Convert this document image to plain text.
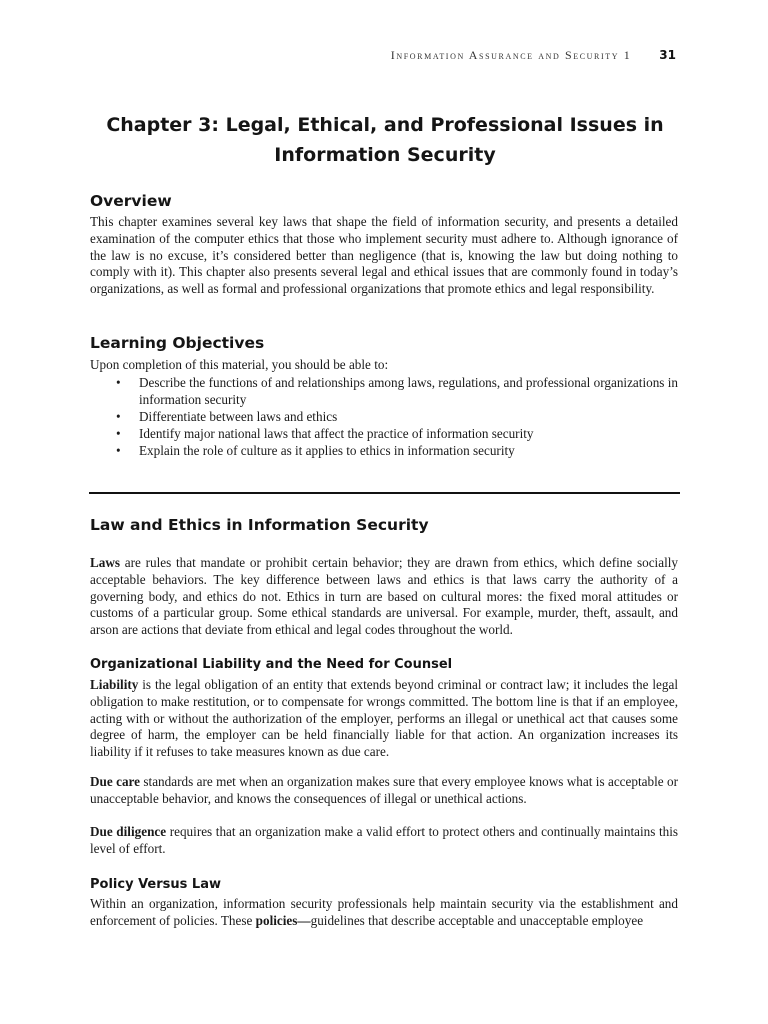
Information Assurance and Security 1 31
Chapter 3: Legal, Ethical, and Professional Issues in Information Security
Overview

This chapter examines several key laws that shape the field of information security, and presents a detailed examination of the computer ethics that those who implement security must adhere to. Although ignorance of the law is no excuse, it’s considered better than negligence (that is, knowing the law but doing nothing to comply with it). This chapter also presents several legal and ethical issues that are commonly found in today’s organizations, as well as formal and professional organizations that promote ethics and legal responsibility.

Learning Objectives

Upon completion of this material, you should be able to:

• Describe the functions of and relationships among laws, regulations, and professional organizations in information security
• Differentiate between laws and ethics
• Identify major national laws that affect the practice of information security
• Explain the role of culture as it applies to ethics in information security
Law and Ethics in Information Security

Laws are rules that mandate or prohibit certain behavior; they are drawn from ethics, which define socially acceptable behaviors. The key difference between laws and ethics is that laws carry the authority of a governing body, and ethics do not. Ethics in turn are based on cultural mores: the fixed moral attitudes or customs of a particular group. Some ethical standards are universal. For example, murder, theft, assault, and arson are actions that deviate from ethical and legal codes throughout the world.

Organizational Liability and the Need for Counsel

Liability is the legal obligation of an entity that extends beyond criminal or contract law; it includes the legal obligation to make restitution, or to compensate for wrongs committed. The bottom line is that if an employee, acting with or without the authorization of the employer, performs an illegal or unethical act that causes some degree of harm, the employer can be held financially liable for that action. An organization increases its liability if it refuses to take measures known as due care.

Due care standards are met when an organization makes sure that every employee knows what is acceptable or unacceptable behavior, and knows the consequences of illegal or unethical actions.

Due diligence requires that an organization make a valid effort to protect others and continually maintains this level of effort.

Policy Versus Law

Within an organization, information security professionals help maintain security via the establishment and enforcement of policies. These policies—guidelines that describe acceptable and unacceptable employee
